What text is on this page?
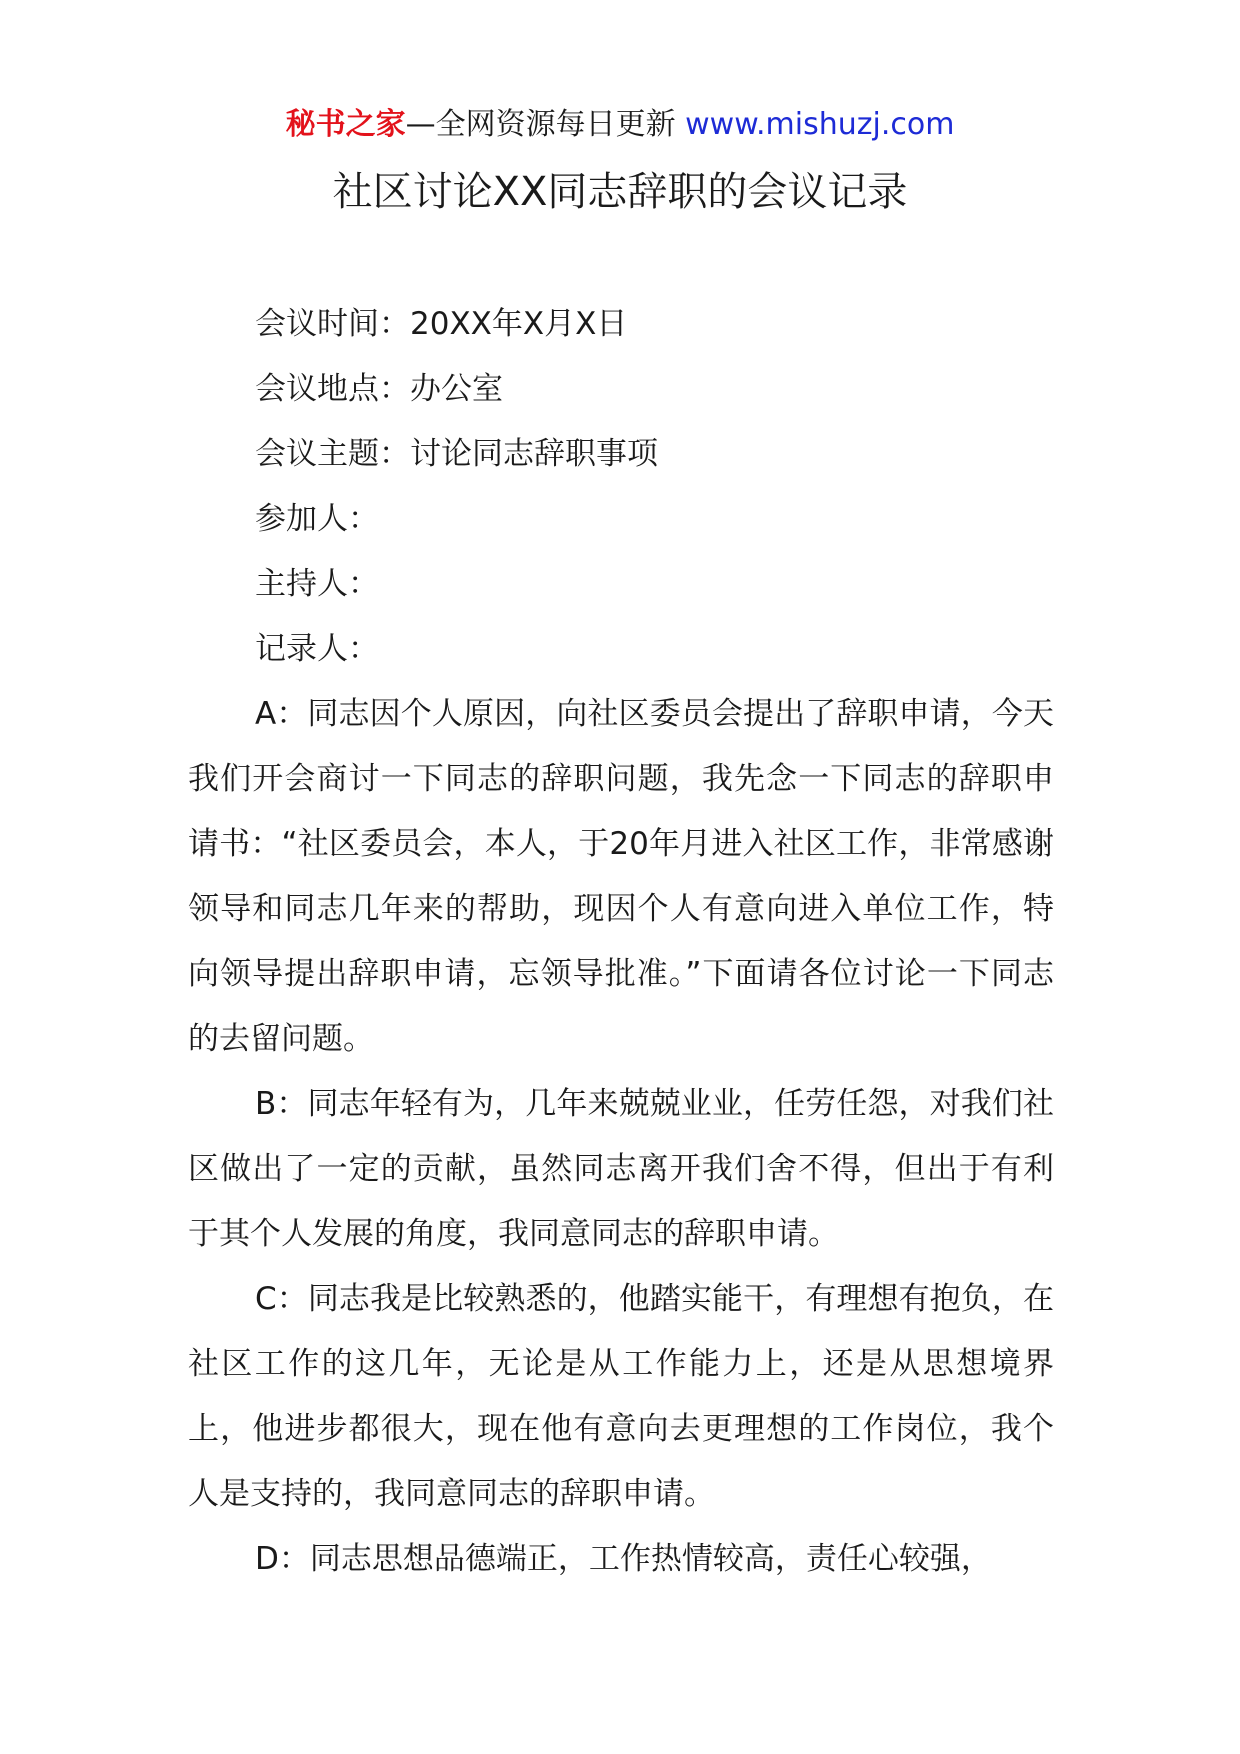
秘书之家—全网资源每日更新 www.mishuzj.com
社区讨论XX同志辞职的会议记录
会议时间：20XX年X月X日
会议地点：办公室
会议主题：讨论同志辞职事项
参加人：
主持人：
记录人：

A：同志因个人原因，向社区委员会提出了辞职申请，今天我们开会商讨一下同志的辞职问题，我先念一下同志的辞职申请书：“社区委员会，本人，于20年月进入社区工作，非常感谢领导和同志几年来的帮助，现因个人有意向进入单位工作，特向领导提出辞职申请，忘领导批准。”下面请各位讨论一下同志的去留问题。

B：同志年轻有为，几年来兢兢业业，任劳任怨，对我们社区做出了一定的贡献，虽然同志离开我们舍不得，但出于有利于其个人发展的角度，我同意同志的辞职申请。

C：同志我是比较熟悉的，他踏实能干，有理想有抱负，在社区工作的这几年，无论是从工作能力上，还是从思想境界上，他进步都很大，现在他有意向去更理想的工作岗位，我个人是支持的，我同意同志的辞职申请。

D：同志思想品德端正，工作热情较高，责任心较强，
